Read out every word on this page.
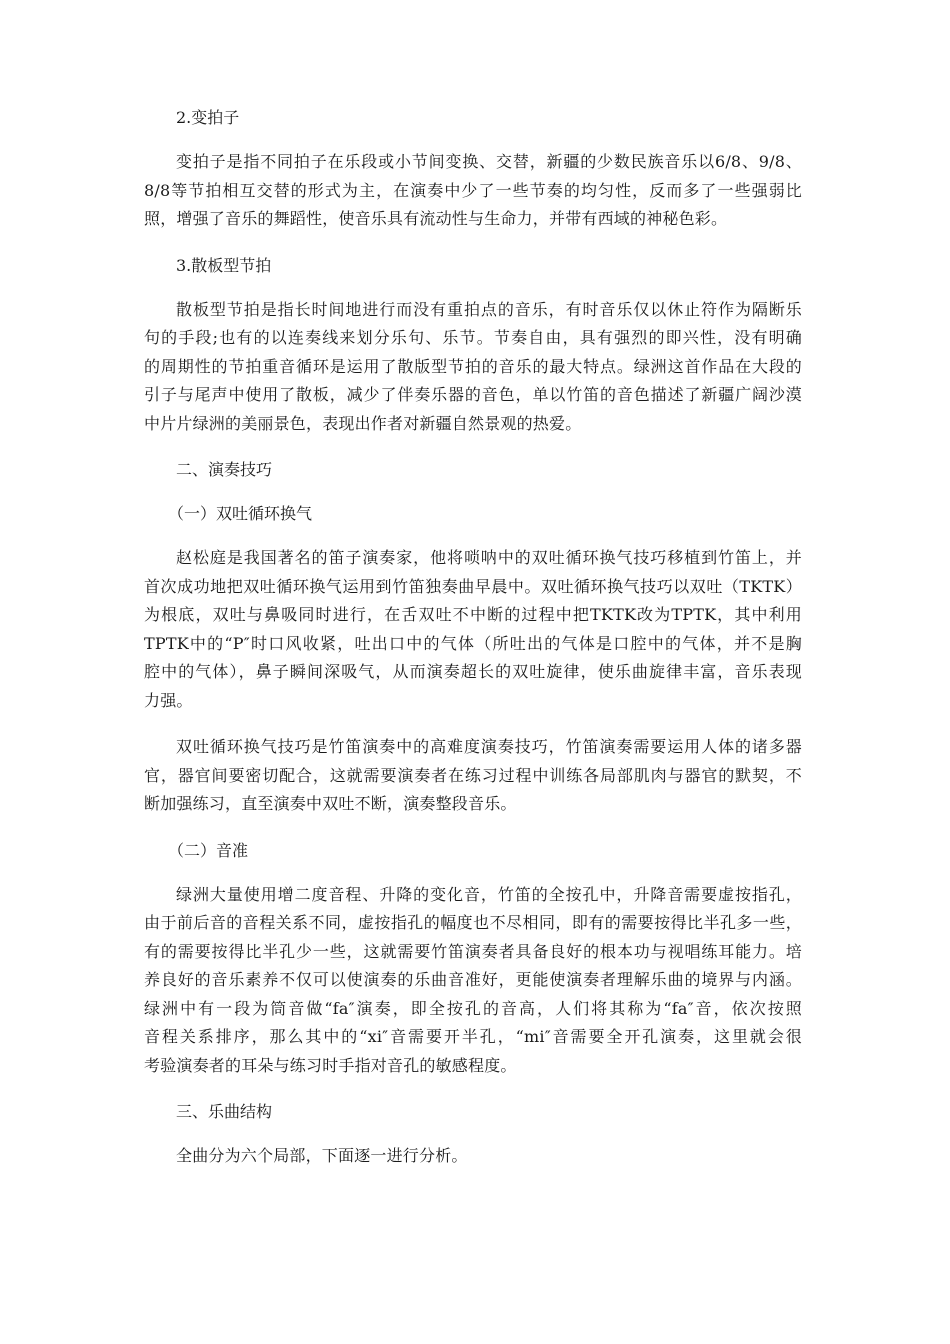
2.变拍子

变拍子是指不同拍子在乐段或小节间变换、交替，新疆的少数民族音乐以6/8、9/8、
8/8等节拍相互交替的形式为主，在演奏中少了一些节奏的均匀性，反而多了一些强弱比
照，增强了音乐的舞蹈性，使音乐具有流动性与生命力，并带有西域的神秘色彩。

3.散板型节拍

散板型节拍是指长时间地进行而没有重拍点的音乐，有时音乐仅以休止符作为隔断乐
句的手段;也有的以连奏线来划分乐句、乐节。节奏自由，具有强烈的即兴性，没有明确
的周期性的节拍重音循环是运用了散版型节拍的音乐的最大特点。绿洲这首作品在大段的
引子与尾声中使用了散板，减少了伴奏乐器的音色，单以竹笛的音色描述了新疆广阔沙漠
中片片绿洲的美丽景色，表现出作者对新疆自然景观的热爱。

二、演奏技巧

（一）双吐循环换气

赵松庭是我国著名的笛子演奏家，他将唢呐中的双吐循环换气技巧移植到竹笛上，并
首次成功地把双吐循环换气运用到竹笛独奏曲早晨中。双吐循环换气技巧以双吐（TKTK）
为根底，双吐与鼻吸同时进行，在舌双吐不中断的过程中把TKTK改为TPTK，其中利用
TPTK中的“P″时口风收紧，吐出口中的气体（所吐出的气体是口腔中的气体，并不是胸
腔中的气体），鼻子瞬间深吸气，从而演奏超长的双吐旋律，使乐曲旋律丰富，音乐表现
力强。

双吐循环换气技巧是竹笛演奏中的高难度演奏技巧，竹笛演奏需要运用人体的诸多器
官，器官间要密切配合，这就需要演奏者在练习过程中训练各局部肌肉与器官的默契，不
断加强练习，直至演奏中双吐不断，演奏整段音乐。

（二）音准

绿洲大量使用增二度音程、升降的变化音，竹笛的全按孔中，升降音需要虚按指孔，
由于前后音的音程关系不同，虚按指孔的幅度也不尽相同，即有的需要按得比半孔多一些，
有的需要按得比半孔少一些，这就需要竹笛演奏者具备良好的根本功与视唱练耳能力。培
养良好的音乐素养不仅可以使演奏的乐曲音准好，更能使演奏者理解乐曲的境界与内涵。
绿洲中有一段为筒音做“fa″演奏，即全按孔的音高，人们将其称为“fa″音，依次按照
音程关系排序，那么其中的“xi″音需要开半孔，“mi″音需要全开孔演奏，这里就会很
考验演奏者的耳朵与练习时手指对音孔的敏感程度。

三、乐曲结构

全曲分为六个局部，下面逐一进行分析。
